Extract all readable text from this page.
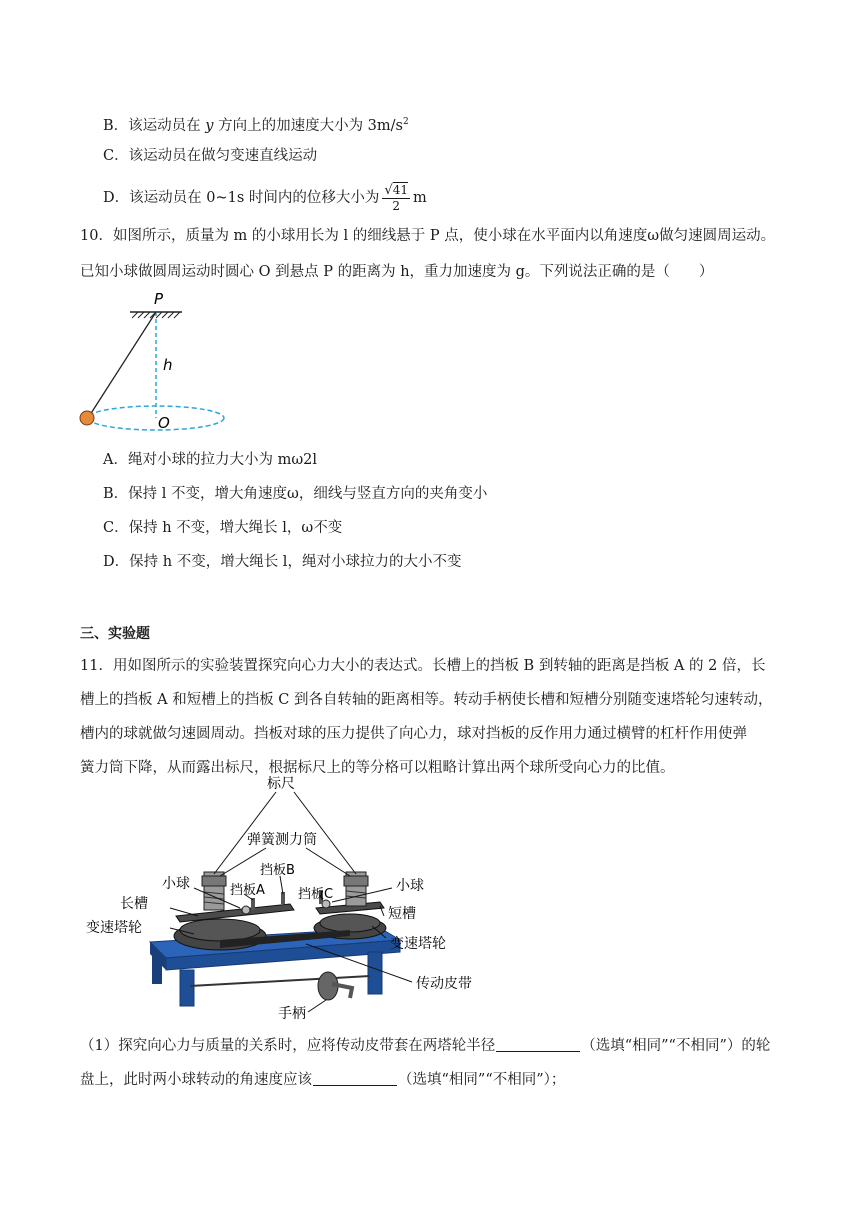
B．该运动员在 y 方向上的加速度大小为 $3m/s^2$
C．该运动员在做匀变速直线运动
D．该运动员在 0~1s 时间内的位移大小为 $\frac{√41}{2}$ m
10．如图所示，质量为 m 的小球用长为 l 的细线悬于 P 点，使小球在水平面内以角速度ω做匀速圆周运动。
已知小球做圆周运动时圆心 O 到悬点 P 的距离为 h，重力加速度为 g。下列说法正确的是（　　）
P
h
O
A．绳对小球的拉力大小为 mω2l
B．保持 l 不变，增大角速度ω，细线与竖直方向的夹角变小
C．保持 h 不变，增大绳长 l，ω不变
D．保持 h 不变，增大绳长 l，绳对小球拉力的大小不变
三、实验题
11．用如图所示的实验装置探究向心力大小的表达式。长槽上的挡板 B 到转轴的距离是挡板 A 的 2 倍，长
槽上的挡板 A 和短槽上的挡板 C 到各自转轴的距离相等。转动手柄使长槽和短槽分别随变速塔轮匀速转动，
槽内的球就做匀速圆周动。挡板对球的压力提供了向心力，球对挡板的反作用力通过横臂的杠杆作用使弹
簧力筒下降，从而露出标尺，根据标尺上的等分格可以粗略计算出两个球所受向心力的比值。
标尺
弹簧测力筒
挡板B
小球	挡板A	挡板C
小球
长槽
短槽
变速塔轮
变速塔轮
传动皮带
手柄
（1）探究向心力与质量的关系时，应将传动皮带套在两塔轮半径	（选填“相同”“不相同”）的轮
盘上，此时两小球转动的角速度应该	（选填“相同”“不相同”）；
